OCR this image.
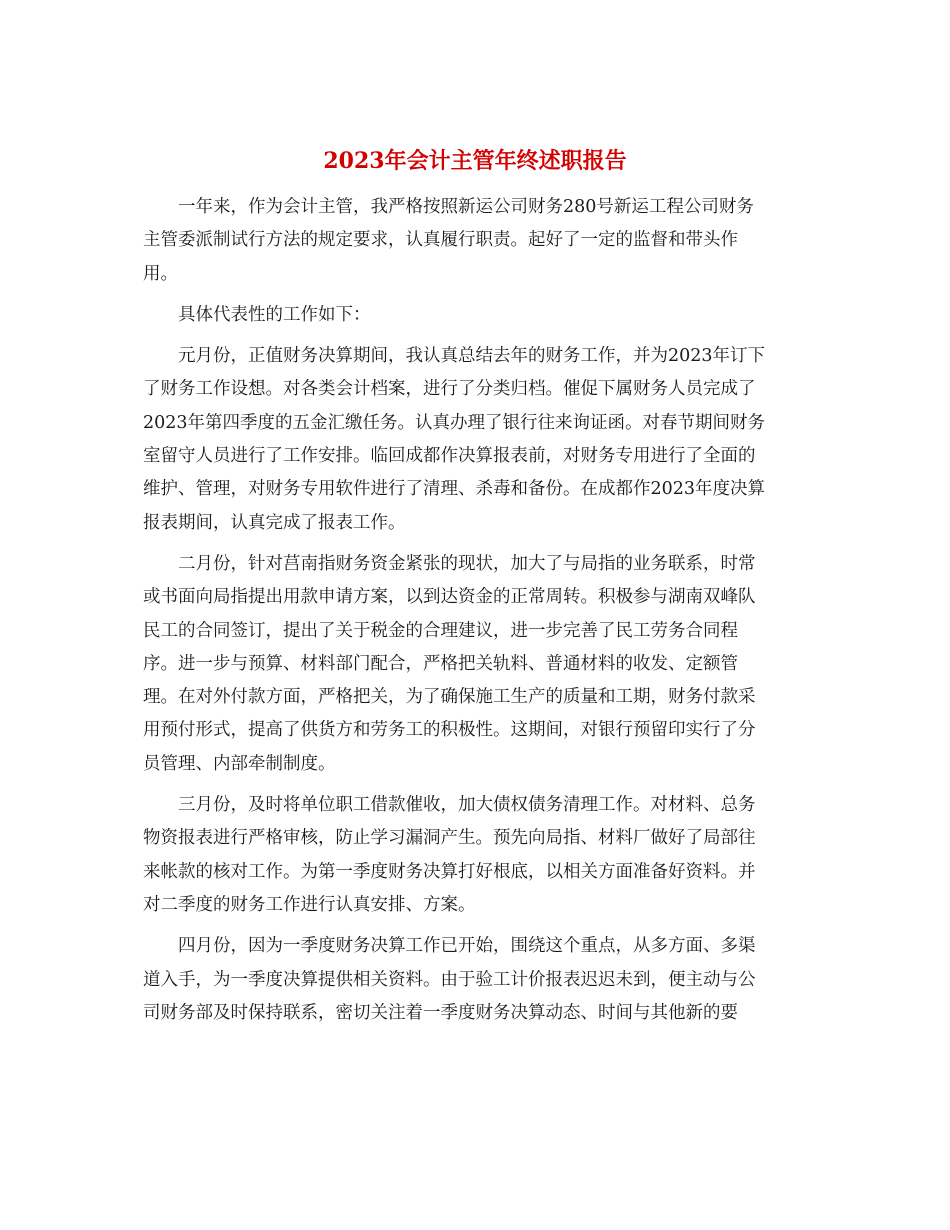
2023年会计主管年终述职报告

一年来，作为会计主管，我严格按照新运公司财务280号新运工程公司财务
主管委派制试行方法的规定要求，认真履行职责。起好了一定的监督和带头作
用。

具体代表性的工作如下：

元月份，正值财务决算期间，我认真总结去年的财务工作，并为2023年订下
了财务工作设想。对各类会计档案，进行了分类归档。催促下属财务人员完成了
2023年第四季度的五金汇缴任务。认真办理了银行往来询证函。对春节期间财务
室留守人员进行了工作安排。临回成都作决算报表前，对财务专用进行了全面的
维护、管理，对财务专用软件进行了清理、杀毒和备份。在成都作2023年度决算
报表期间，认真完成了报表工作。

二月份，针对莒南指财务资金紧张的现状，加大了与局指的业务联系，时常
或书面向局指提出用款申请方案，以到达资金的正常周转。积极参与湖南双峰队
民工的合同签订，提出了关于税金的合理建议，进一步完善了民工劳务合同程
序。进一步与预算、材料部门配合，严格把关轨料、普通材料的收发、定额管
理。在对外付款方面，严格把关，为了确保施工生产的质量和工期，财务付款采
用预付形式，提高了供货方和劳务工的积极性。这期间，对银行预留印实行了分
员管理、内部牵制制度。

三月份，及时将单位职工借款催收，加大债权债务清理工作。对材料、总务
物资报表进行严格审核，防止学习漏洞产生。预先向局指、材料厂做好了局部往
来帐款的核对工作。为第一季度财务决算打好根底，以相关方面准备好资料。并
对二季度的财务工作进行认真安排、方案。

四月份，因为一季度财务决算工作已开始，围绕这个重点，从多方面、多渠
道入手，为一季度决算提供相关资料。由于验工计价报表迟迟未到，便主动与公
司财务部及时保持联系，密切关注着一季度财务决算动态、时间与其他新的要
